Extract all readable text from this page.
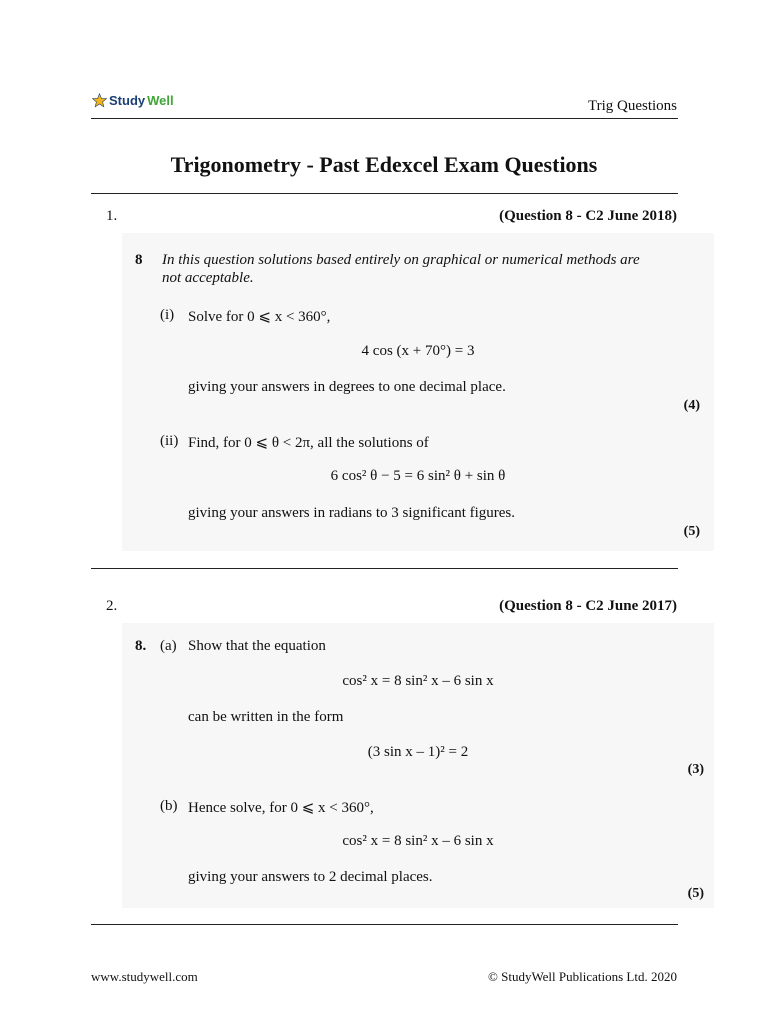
Study Well	Trig Questions
Trigonometry - Past Edexcel Exam Questions
1.	(Question 8 - C2 June 2018)
8 In this question solutions based entirely on graphical or numerical methods are
not acceptable.
(i) Solve for 0 ⩽ x < 360°,
4 cos (x + 70°) = 3
giving your answers in degrees to one decimal place.
(4)
(ii) Find, for 0 ⩽ θ < 2π, all the solutions of
6 cos² θ − 5 = 6 sin² θ + sin θ
giving your answers in radians to 3 significant figures.
(5)
2.	(Question 8 - C2 June 2017)
8. (a) Show that the equation
cos² x = 8 sin² x – 6 sin x
can be written in the form
(3 sin x – 1)² = 2
(3)
(b) Hence solve, for 0 ⩽ x < 360°,
cos² x = 8 sin² x – 6 sin x
giving your answers to 2 decimal places.
(5)
www.studywell.com	© StudyWell Publications Ltd. 2020
